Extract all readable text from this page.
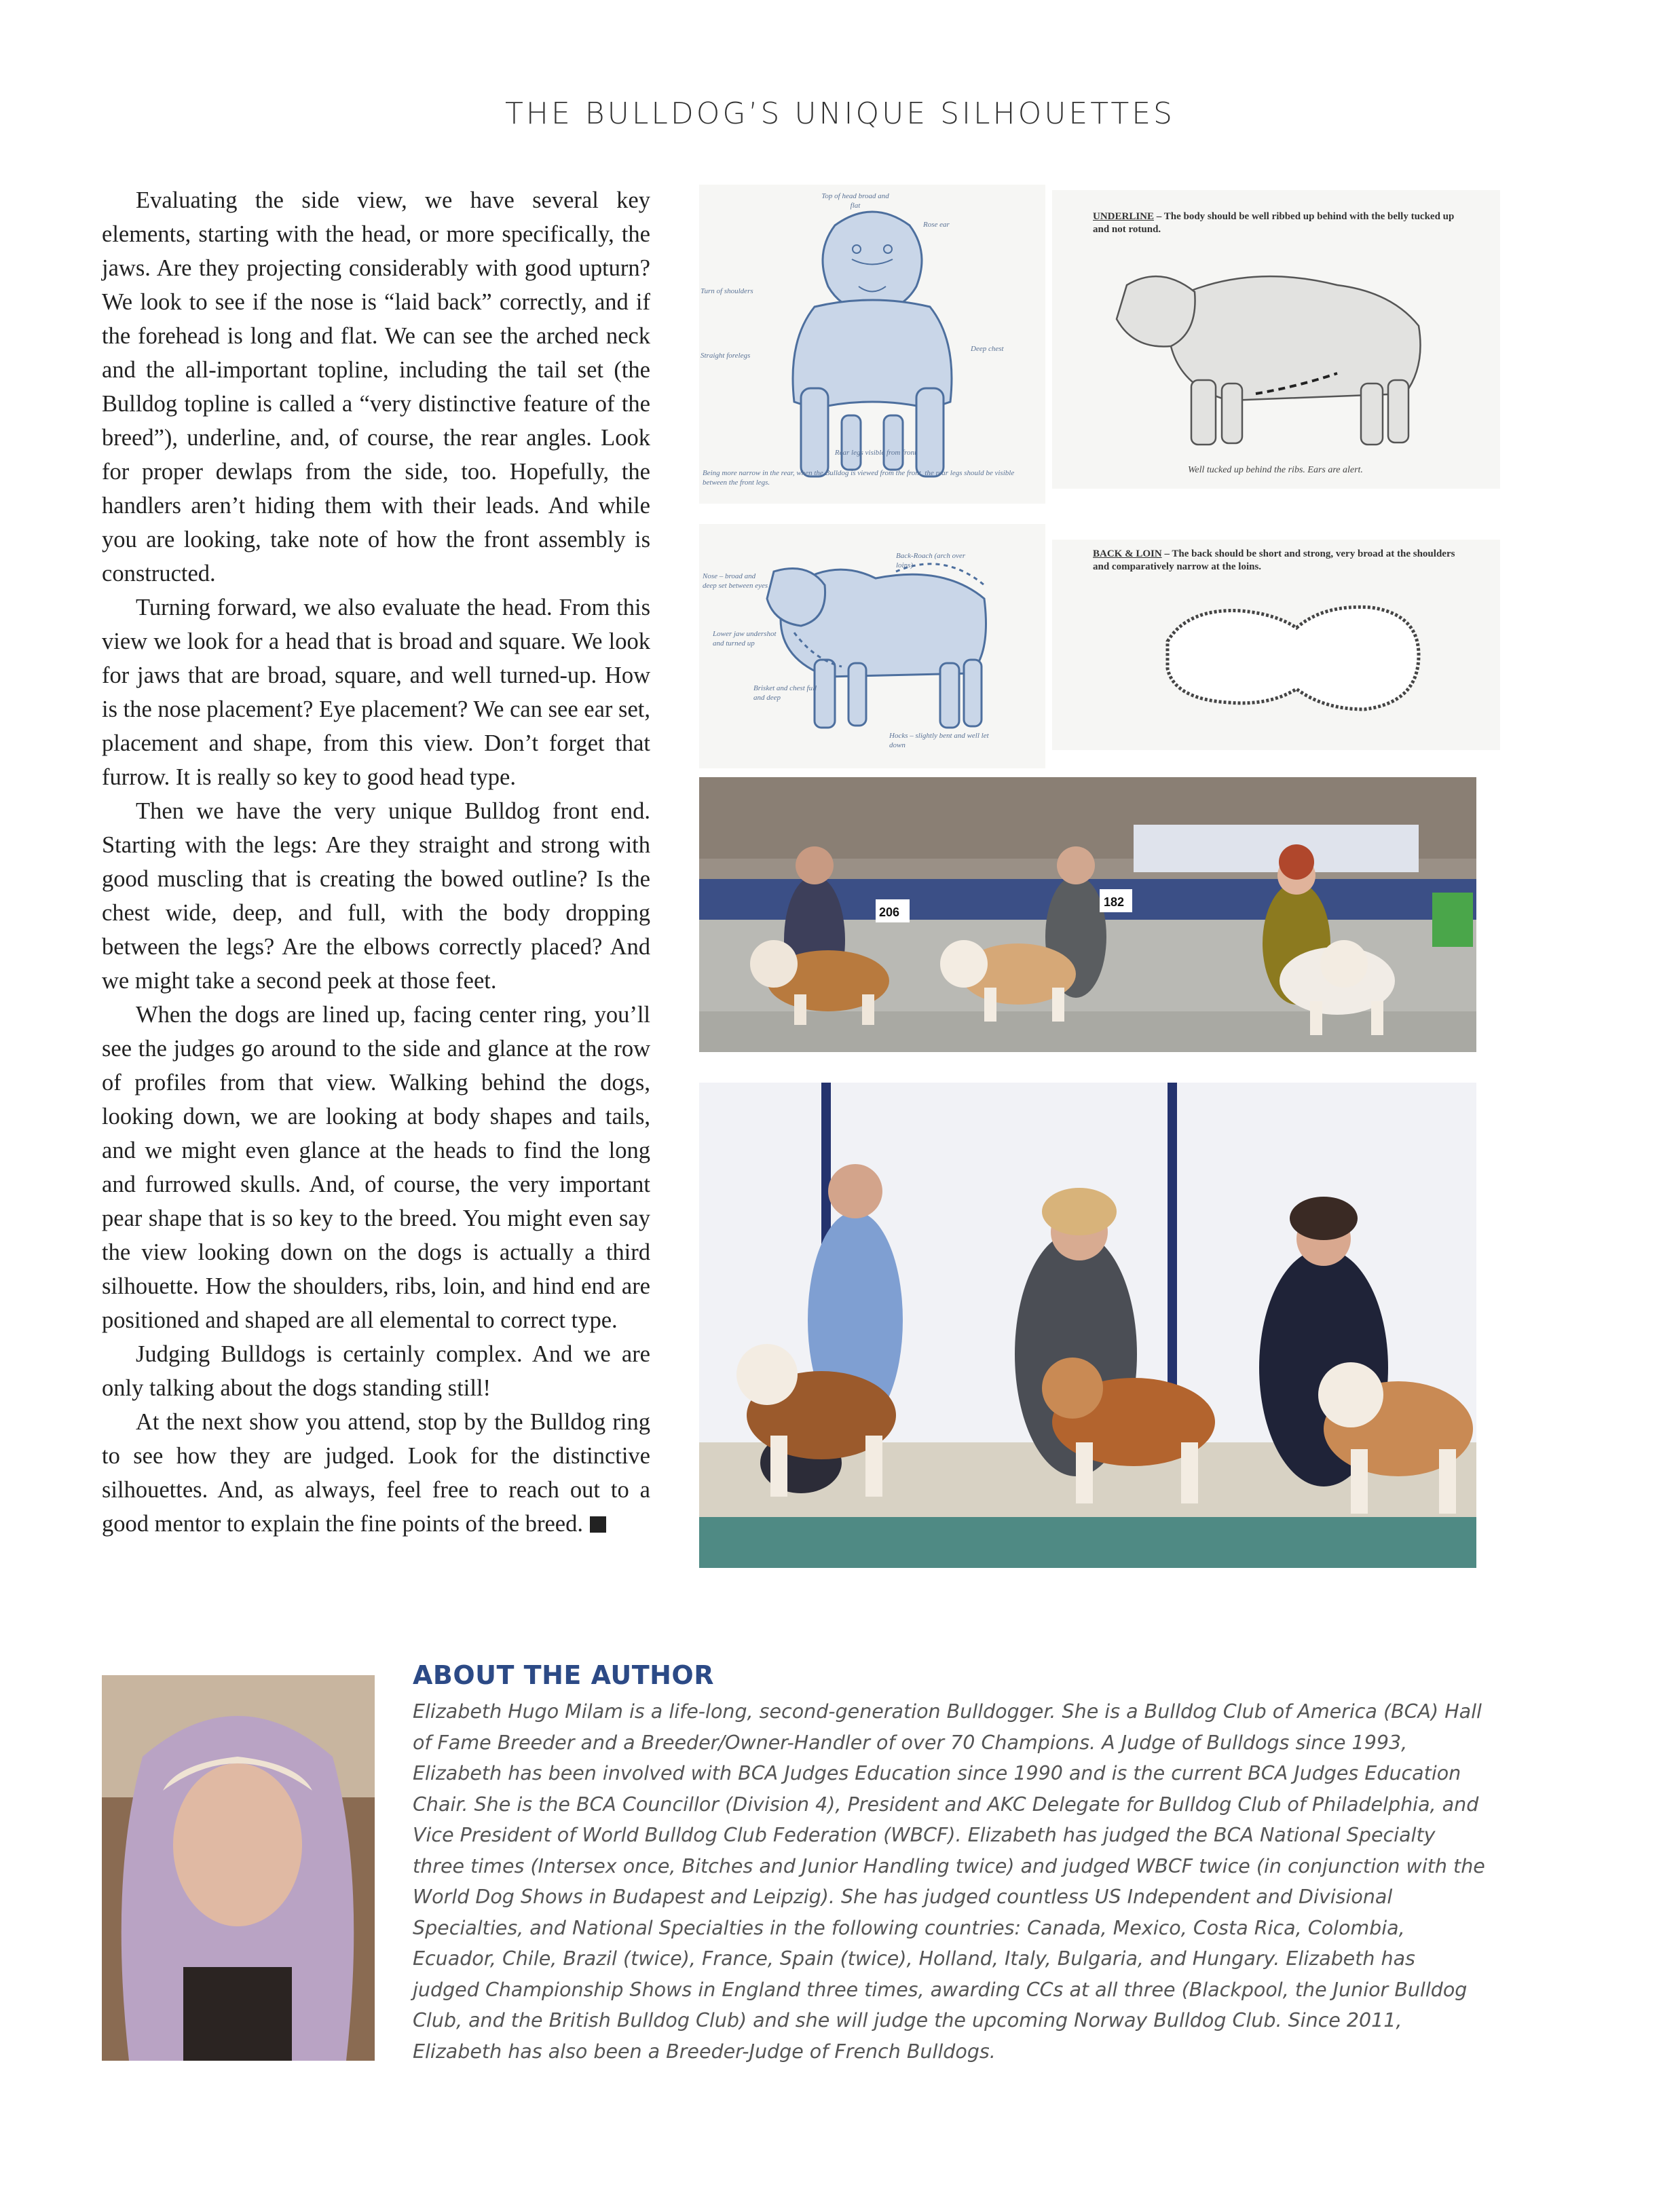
THE BULLDOG’S UNIQUE SILHOUETTES

Evaluating the side view, we have several key elements, starting with the head, or more specifically, the jaws. Are they projecting considerably with good upturn? We look to see if the nose is “laid back” correctly, and if the forehead is long and flat. We can see the arched neck and the all-important topline, including the tail set (the Bulldog topline is called a “very distinctive feature of the breed”), underline, and, of course, the rear angles. Look for proper dewlaps from the side, too. Hopefully, the handlers aren’t hiding them with their leads. And while you are looking, take note of how the front assembly is constructed.

Turning forward, we also evaluate the head. From this view we look for a head that is broad and square. We look for jaws that are broad, square, and well turned-up. How is the nose placement? Eye placement? We can see ear set, placement and shape, from this view. Don’t forget that furrow. It is really so key to good head type.

Then we have the very unique Bulldog front end. Starting with the legs: Are they straight and strong with good muscling that is creating the bowed outline? Is the chest wide, deep, and full, with the body dropping between the legs? Are the elbows correctly placed? And we might take a second peek at those feet.

When the dogs are lined up, facing center ring, you’ll see the judges go around to the side and glance at the row of profiles from that view. Walking behind the dogs, looking down, we are looking at body shapes and tails, and we might even glance at the heads to find the long and furrowed skulls. And, of course, the very important pear shape that is so key to the breed. You might even say the view looking down on the dogs is actually a third silhouette. How the shoulders, ribs, loin, and hind end are positioned and shaped are all elemental to correct type.

Judging Bulldogs is certainly complex. And we are only talking about the dogs standing still!

At the next show you attend, stop by the Bulldog ring to see how they are judged. Look for the distinctive silhouettes. And, as always, feel free to reach out to a good mentor to explain the fine points of the breed.

Top of head broad and flat
Rose ear
Turn of shoulders
Deep chest
Straight forelegs
Rear legs visible from front
Being more narrow in the rear, when the Bulldog is viewed from the front, the rear legs should be visible between the front legs.
Back-Roach (arch over loins)
Nose – broad and deep set between eyes
Lower jaw undershot and turned up
Brisket and chest full and deep
Hocks – slightly bent and well let down
UNDERLINE – The body should be well ribbed up behind with the belly tucked up and not rotund.
Well tucked up behind the ribs. Ears are alert.
BACK & LOIN – The back should be short and strong, very broad at the shoulders and comparatively narrow at the loins.
206
182
ABOUT THE AUTHOR
Elizabeth Hugo Milam is a life-long, second-generation Bulldogger. She is a Bulldog Club of America (BCA) Hall of Fame Breeder and a Breeder/Owner-Handler of over 70 Champions. A Judge of Bulldogs since 1993, Elizabeth has been involved with BCA Judges Education since 1990 and is the current BCA Judges Education Chair. She is the BCA Councillor (Division 4), President and AKC Delegate for Bulldog Club of Philadelphia, and Vice President of World Bulldog Club Federation (WBCF). Elizabeth has judged the BCA National Specialty three times (Intersex once, Bitches and Junior Handling twice) and judged WBCF twice (in conjunction with the World Dog Shows in Budapest and Leipzig). She has judged countless US Independent and Divisional Specialties, and National Specialties in the following countries: Canada, Mexico, Costa Rica, Colombia, Ecuador, Chile, Brazil (twice), France, Spain (twice), Holland, Italy, Bulgaria, and Hungary. Elizabeth has judged Championship Shows in England three times, awarding CCs at all three (Blackpool, the Junior Bulldog Club, and the British Bulldog Club) and she will judge the upcoming Norway Bulldog Club. Since 2011, Elizabeth has also been a Breeder-Judge of French Bulldogs.
